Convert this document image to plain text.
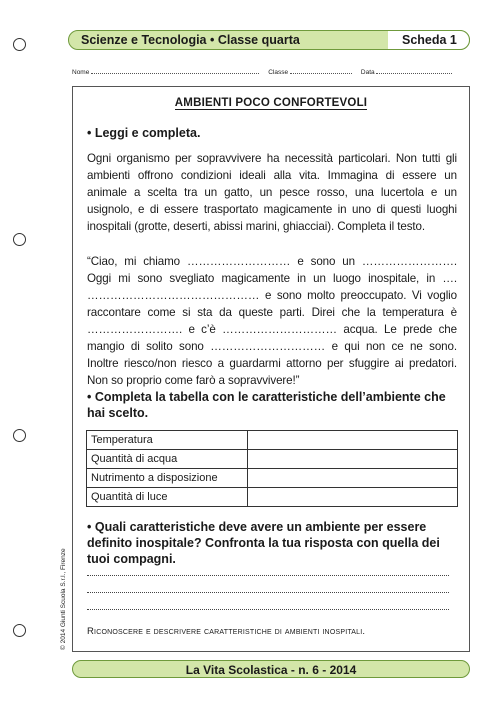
Scienze e Tecnologia • Classe quarta	Scheda 1
Nome	Classe	Data
AMBIENTI POCO CONFORTEVOLI
• Leggi e completa.
Ogni organismo per sopravvivere ha necessità particolari. Non tutti gli ambienti offrono condizioni ideali alla vita. Immagina di essere un animale a scelta tra un gatto, un pesce rosso, una lucertola e un usignolo, e di essere trasportato magicamente in uno di questi luoghi inospitali (grotte, deserti, abissi marini, ghiacciai). Completa il testo.
“Ciao, mi chiamo ……………………… e sono un ……………………. Oggi mi sono svegliato magicamente in un luogo inospitale, in …. ……………………………………… e sono molto preoccupato. Vi voglio raccontare come si sta da queste parti. Direi che la temperatura è ……………………. e c’è ………………………… acqua. Le prede che mangio di solito sono ………………………… e qui non ce ne sono. Inoltre riesco/non riesco a guardarmi attorno per sfuggire ai predatori. Non so proprio come farò a sopravvivere!”
• Completa la tabella con le caratteristiche dell’ambiente che hai scelto.
Temperatura	
Quantità di acqua	
Nutrimento a disposizione	
Quantità di luce	
• Quali caratteristiche deve avere un ambiente per essere definito inospitale? Confronta la tua risposta con quella dei tuoi compagni.
Riconoscere e descrivere caratteristiche di ambienti inospitali.
© 2014 Giunti Scuola S.r.l., Firenze
La Vita Scolastica - n. 6 - 2014
